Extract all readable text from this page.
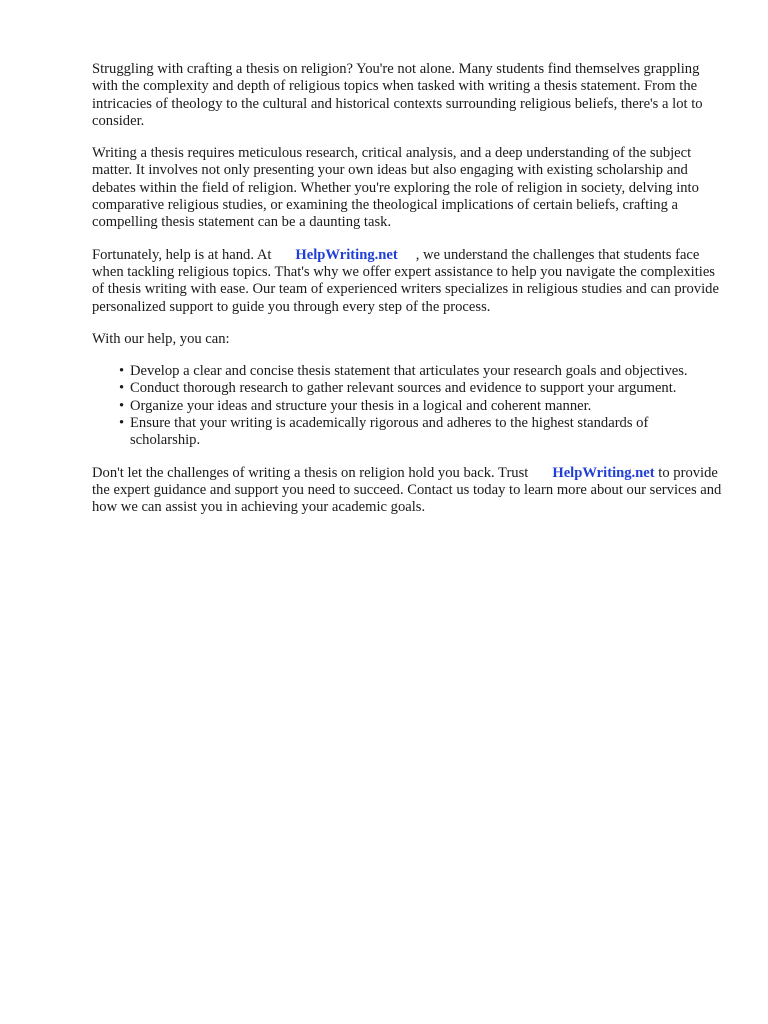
Struggling with crafting a thesis on religion? You're not alone. Many students find themselves grappling with the complexity and depth of religious topics when tasked with writing a thesis statement. From the intricacies of theology to the cultural and historical contexts surrounding religious beliefs, there's a lot to consider.

Writing a thesis requires meticulous research, critical analysis, and a deep understanding of the subject matter. It involves not only presenting your own ideas but also engaging with existing scholarship and debates within the field of religion. Whether you're exploring the role of religion in society, delving into comparative religious studies, or examining the theological implications of certain beliefs, crafting a compelling thesis statement can be a daunting task.

Fortunately, help is at hand. At HelpWriting.net , we understand the challenges that students face when tackling religious topics. That's why we offer expert assistance to help you navigate the complexities of thesis writing with ease. Our team of experienced writers specializes in religious studies and can provide personalized support to guide you through every step of the process.

With our help, you can:

• Develop a clear and concise thesis statement that articulates your research goals and objectives.
• Conduct thorough research to gather relevant sources and evidence to support your argument.
• Organize your ideas and structure your thesis in a logical and coherent manner.
• Ensure that your writing is academically rigorous and adheres to the highest standards of scholarship.

Don't let the challenges of writing a thesis on religion hold you back. Trust HelpWriting.net to provide the expert guidance and support you need to succeed. Contact us today to learn more about our services and how we can assist you in achieving your academic goals.
